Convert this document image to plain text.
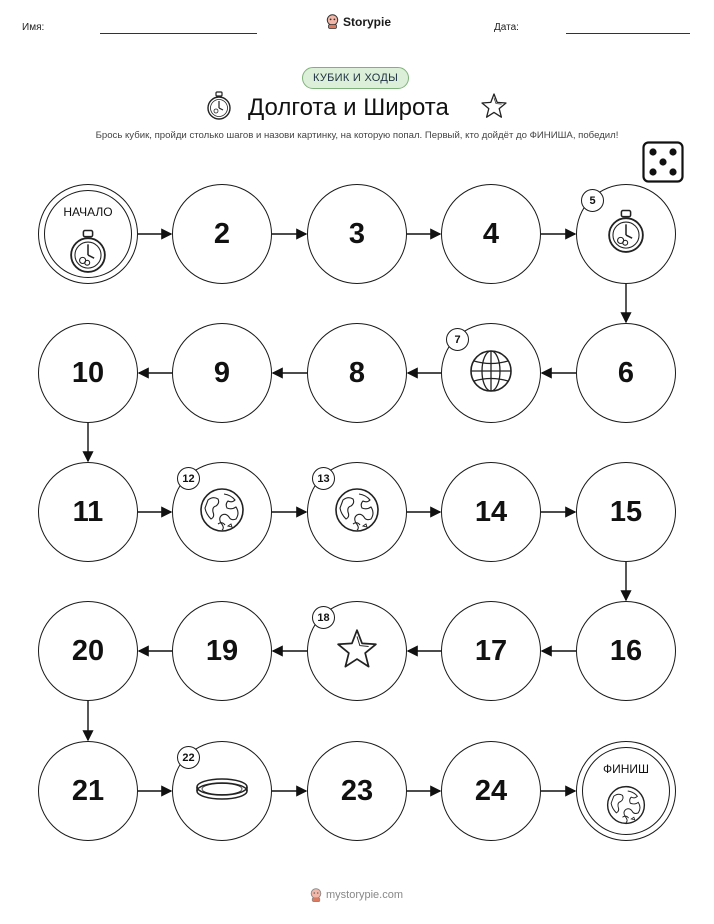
Имя:	Storypie	Дата:
КУБИК И ХОДЫ
Долгота и Широта
Брось кубик, пройди столько шагов и назови картинку, на которую попал. Первый, кто дойдёт до ФИНИША, победил!
НАЧАЛО
2	3	4
5
6
7
8
9
10
11
12	13
14	15
16
17
18
19
20
21
22
23	24
ФИНИШ
mystorypie.com
